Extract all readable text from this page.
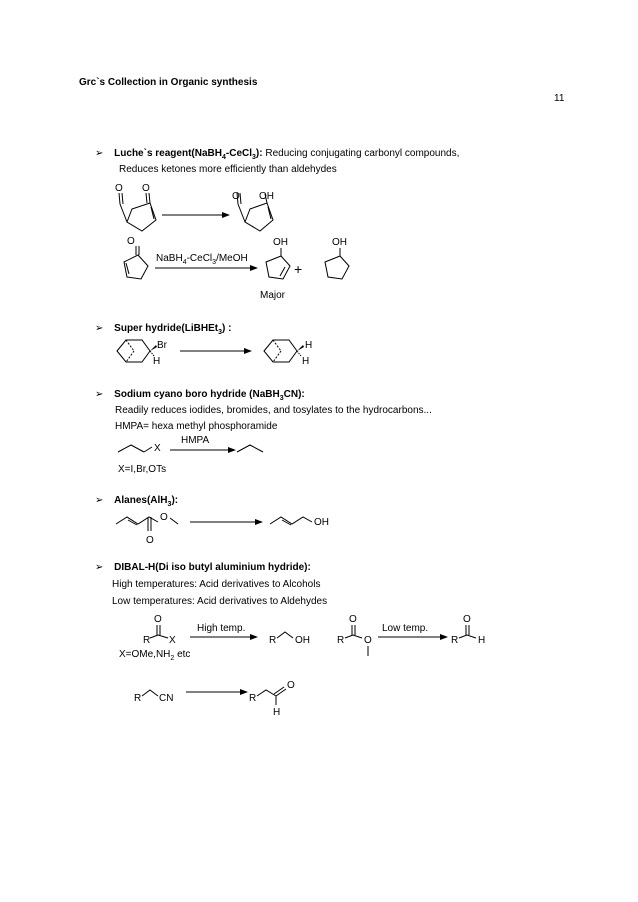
Grc`s Collection in Organic synthesis
11
➢ Luche`s reagent(NaBH$_4$-CeCl$_3$): Reducing conjugating carbonyl compounds,
Reduces ketones more efficiently than aldehydes
O O
O OH
O
NaBH$_4$-CeCl$_3$/MeOH
OH
+
OH
Major
➢ Super hydride(LiBHEt$_3$) :
Br
H
H
H
➢ Sodium cyano boro hydride (NaBH$_3$CN):
Readily reduces iodides, bromides, and tosylates to the hydrocarbons...
HMPA= hexa methyl phosphoramide
X
HMPA
X=I,Br,OTs
➢ Alanes(AlH$_3$):
O
O	OH
➢ DIBAL-H(Di iso butyl aluminium hydride):
High temperatures: Acid derivatives to Alcohols
Low temperatures: Acid derivatives to Aldehydes
O
R X
$X=OMe,NH_2$ etc
High temp.
R OH
O
R O
Low temp.
O
R H
R CN	R
O
H
